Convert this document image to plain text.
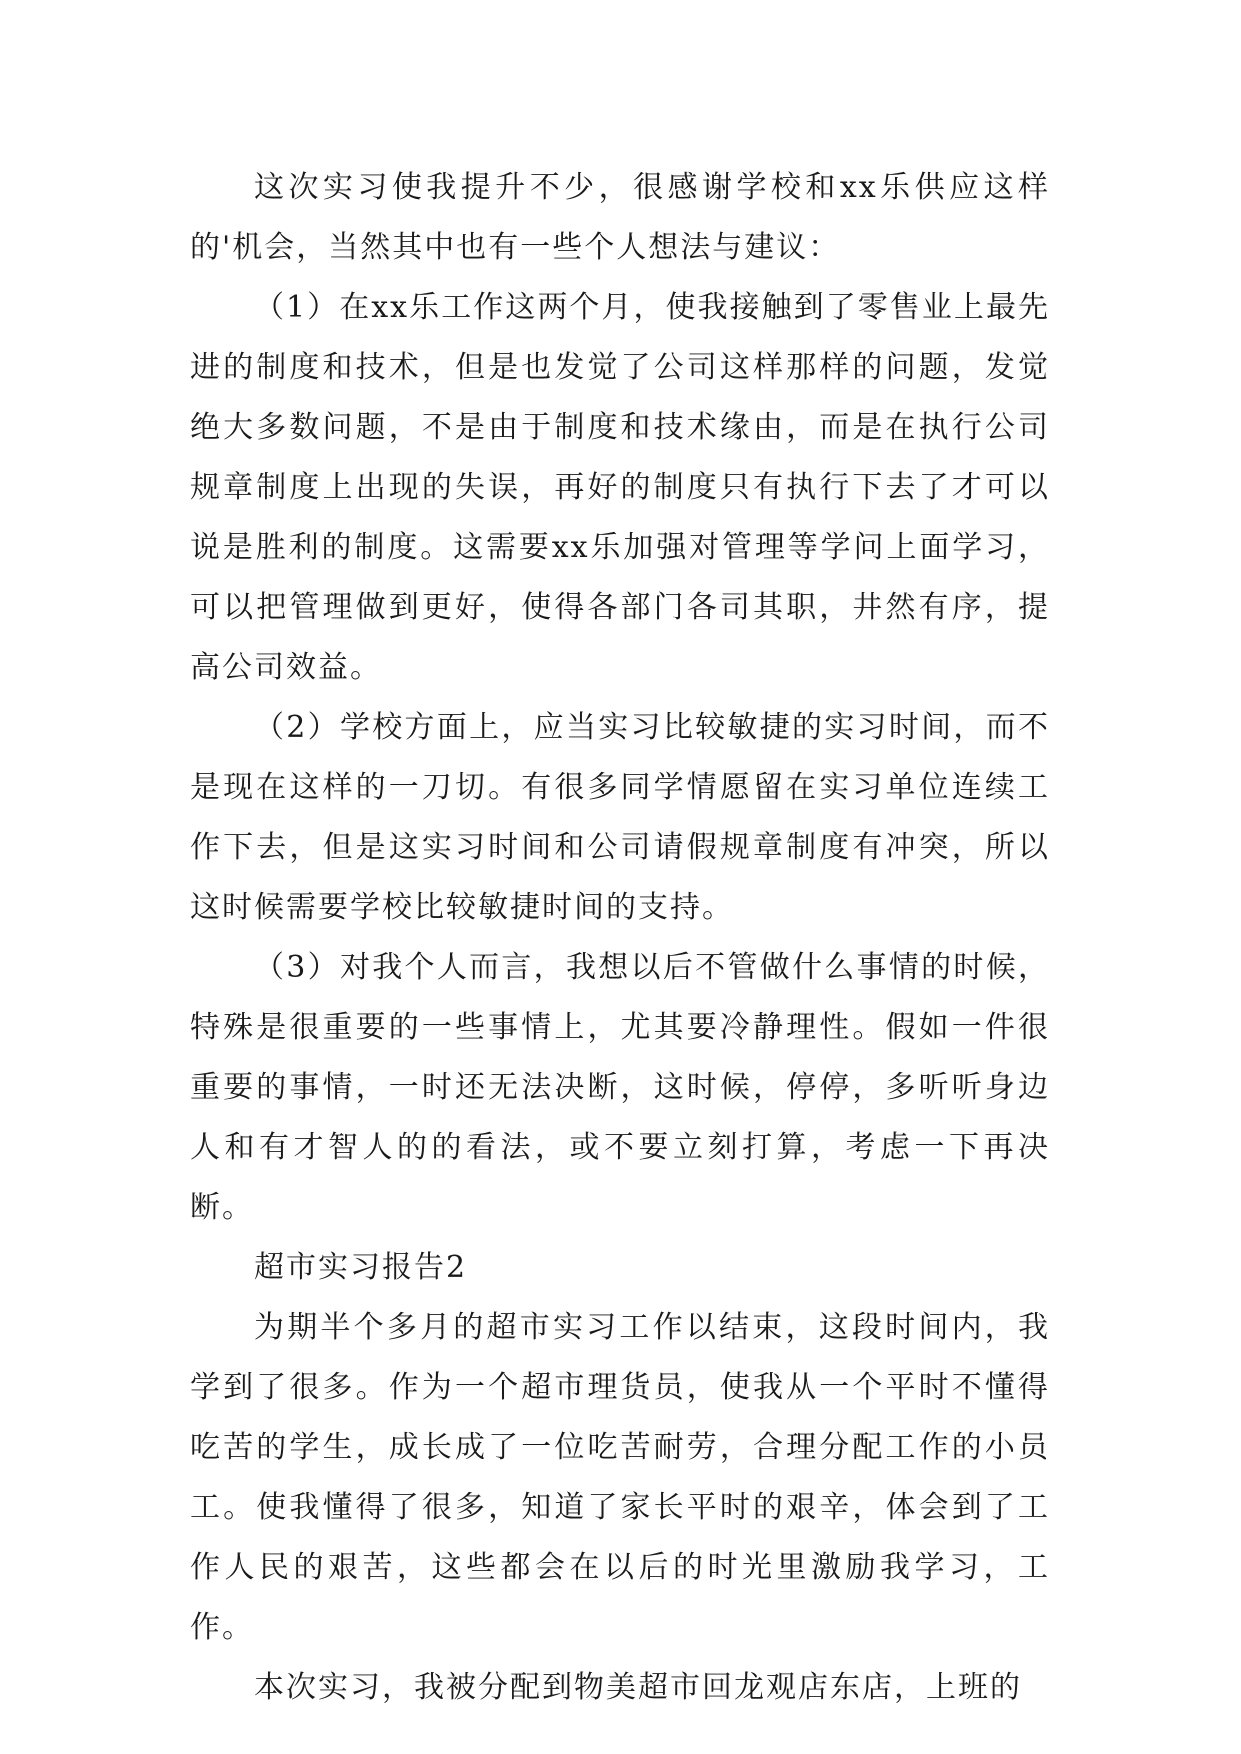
这次实习使我提升不少，很感谢学校和xx乐供应这样的'机会，当然其中也有一些个人想法与建议：

（1）在xx乐工作这两个月，使我接触到了零售业上最先进的制度和技术，但是也发觉了公司这样那样的问题，发觉绝大多数问题，不是由于制度和技术缘由，而是在执行公司规章制度上出现的失误，再好的制度只有执行下去了才可以说是胜利的制度。这需要xx乐加强对管理等学问上面学习，可以把管理做到更好，使得各部门各司其职，井然有序，提高公司效益。

（2）学校方面上，应当实习比较敏捷的实习时间，而不是现在这样的一刀切。有很多同学情愿留在实习单位连续工作下去，但是这实习时间和公司请假规章制度有冲突，所以这时候需要学校比较敏捷时间的支持。

（3）对我个人而言，我想以后不管做什么事情的时候，特殊是很重要的一些事情上，尤其要冷静理性。假如一件很重要的事情，一时还无法决断，这时候，停停，多听听身边人和有才智人的的看法，或不要立刻打算，考虑一下再决断。

超市实习报告2

为期半个多月的超市实习工作以结束，这段时间内，我学到了很多。作为一个超市理货员，使我从一个平时不懂得吃苦的学生，成长成了一位吃苦耐劳，合理分配工作的小员工。使我懂得了很多，知道了家长平时的艰辛，体会到了工作人民的艰苦，这些都会在以后的时光里激励我学习，工作。

本次实习，我被分配到物美超市回龙观店东店，上班的
